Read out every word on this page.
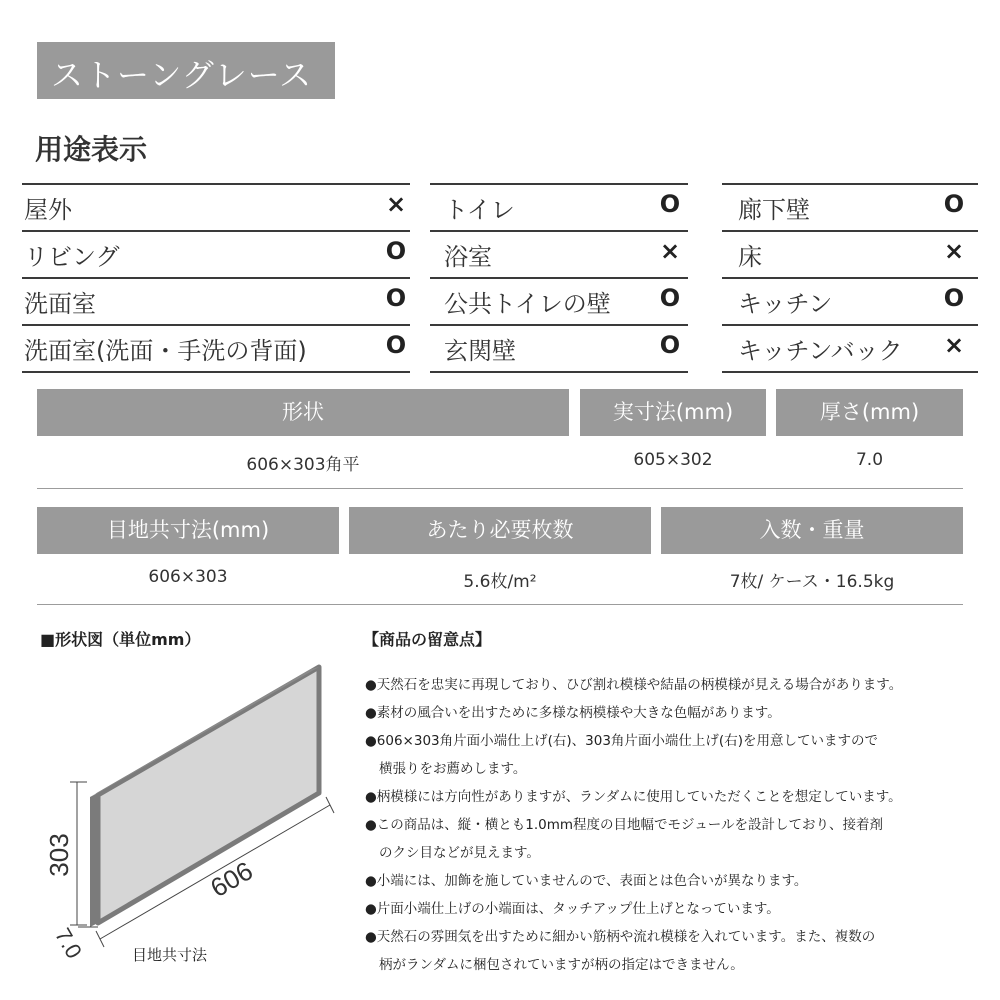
ストーングレース
用途表示
屋外	×
リビング	O
洗面室	O
洗面室(洗面・手洗の背面)	O
トイレ	O
浴室	×
公共トイレの壁 O
玄関壁	O
廊下壁	O
床	×
キッチン	O
キッチンバック ×
形状	実寸法(mm)	厚さ(mm)
606×303角平	605×302	7.0
目地共寸法(mm)	あたり必要枚数	入数・重量
606×303	5.6枚/m²	7枚/ ケース・16.5kg
■形状図（単位mm）
303
606
7.0	目地共寸法
【商品の留意点】
●天然石を忠実に再現しており、ひび割れ模様や結晶の柄模様が見える場合があります。
●素材の風合いを出すために多様な柄模様や大きな色幅があります。
●606×303角片面小端仕上げ(右)、303角片面小端仕上げ(右)を用意していますので
横張りをお薦めします。
●柄模様には方向性がありますが、ランダムに使用していただくことを想定しています。
●この商品は、縦・横とも1.0mm程度の目地幅でモジュールを設計しており、接着剤
のクシ目などが見えます。
●小端には、加飾を施していませんので、表面とは色合いが異なります。
●片面小端仕上げの小端面は、タッチアップ仕上げとなっています。
●天然石の雰囲気を出すために細かい筋柄や流れ模様を入れています。また、複数の
柄がランダムに梱包されていますが柄の指定はできません。
